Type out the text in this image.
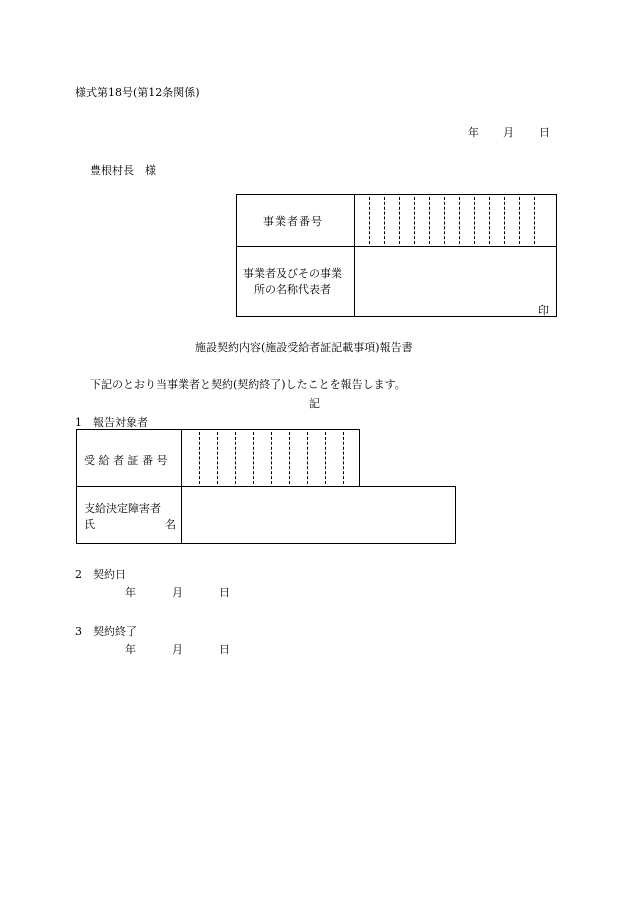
様式第18号(第12条関係)
年 月 日
豊根村長　様
事業者番号
事業者及びその事業
所の名称代表者
印
施設契約内容(施設受給者証記載事項)報告書
下記のとおり当事業者と契約(契約終了)したことを報告します。
記
1　報告対象者
受 給 者 証 番 号
支給決定障害者
氏	名
2　契約日
年	月	日
3　契約終了
年	月	日
